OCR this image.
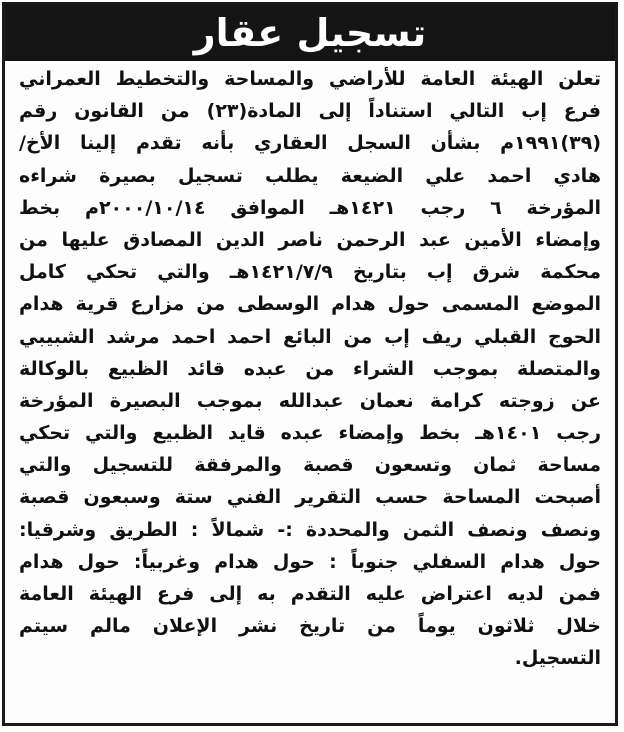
تسجيل عقار
تعلن الهيئة العامة للأراضي والمساحة والتخطيط العمراني
فرع إب التالي استناداً إلى المادة(٢٣) من القانون رقم
(٣٩)١٩٩١م بشأن السجل العقاري بأنه تقدم إلينا الأخ/
هادي احمد علي الضيعة يطلب تسجيل بصيرة شراءه
المؤرخة ٦ رجب ١٤٢١هـ الموافق ٢٠٠٠/١٠/١٤م بخط
وإمضاء الأمين عبد الرحمن ناصر الدين المصادق عليها من
محكمة شرق إب بتاريخ ١٤٢١/٧/٩هـ والتي تحكي كامل
الموضع المسمى حول هدام الوسطى من مزارع قرية هدام
الحوج القبلي ريف إب من البائع احمد احمد مرشد الشبيبي
والمتصلة بموجب الشراء من عبده قائد الظبيع بالوكالة
عن زوجته كرامة نعمان عبدالله بموجب البصيرة المؤرخة
رجب ١٤٠١هـ بخط وإمضاء عبده قايد الظبيع والتي تحكي
مساحة ثمان وتسعون قصبة والمرفقة للتسجيل والتي
أصبحت المساحة حسب التقرير الفني ستة وسبعون قصبة
ونصف ونصف الثمن والمحددة :- شمالاً : الطريق وشرقيا:
حول هدام السفلي جنوباً : حول هدام وغربياً: حول هدام
فمن لديه اعتراض عليه التقدم به إلى فرع الهيئة العامة
خلال ثلاثون يوماً من تاريخ نشر الإعلان مالم سيتم
التسجيل.
